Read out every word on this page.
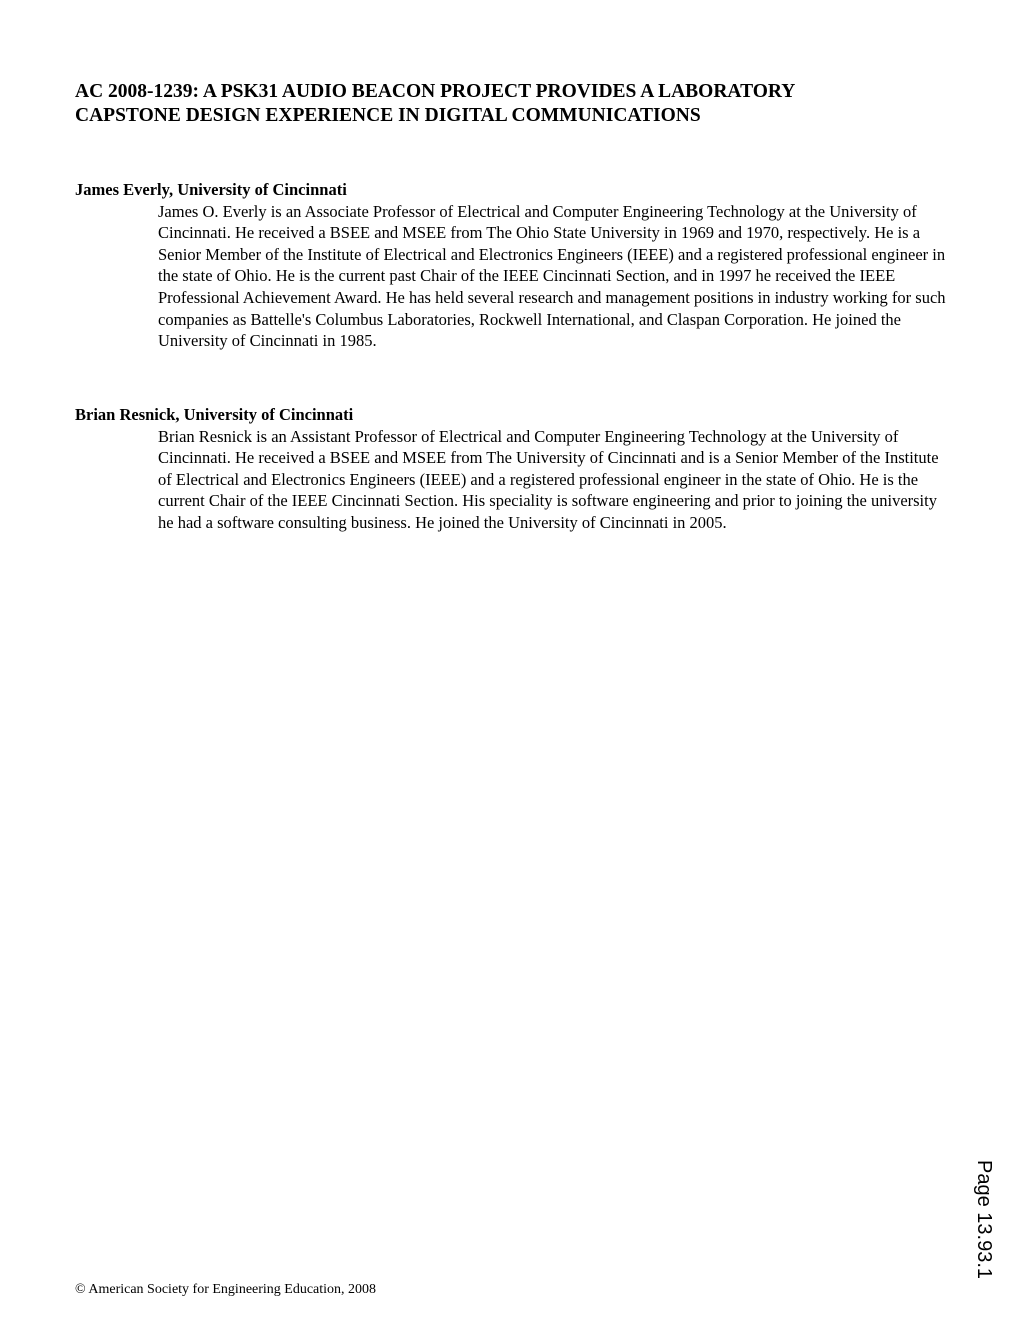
AC 2008-1239: A PSK31 AUDIO BEACON PROJECT PROVIDES A LABORATORY CAPSTONE DESIGN EXPERIENCE IN DIGITAL COMMUNICATIONS

James Everly, University of Cincinnati

James O. Everly is an Associate Professor of Electrical and Computer Engineering Technology at the University of Cincinnati. He received a BSEE and MSEE from The Ohio State University in 1969 and 1970, respectively. He is a Senior Member of the Institute of Electrical and Electronics Engineers (IEEE) and a registered professional engineer in the state of Ohio. He is the current past Chair of the IEEE Cincinnati Section, and in 1997 he received the IEEE Professional Achievement Award. He has held several research and management positions in industry working for such companies as Battelle's Columbus Laboratories, Rockwell International, and Claspan Corporation. He joined the University of Cincinnati in 1985.

Brian Resnick, University of Cincinnati

Brian Resnick is an Assistant Professor of Electrical and Computer Engineering Technology at the University of Cincinnati. He received a BSEE and MSEE from The University of Cincinnati and is a Senior Member of the Institute of Electrical and Electronics Engineers (IEEE) and a registered professional engineer in the state of Ohio. He is the current Chair of the IEEE Cincinnati Section. His speciality is software engineering and prior to joining the university he had a software consulting business. He joined the University of Cincinnati in 2005.

Page 13.93.1

© American Society for Engineering Education, 2008
